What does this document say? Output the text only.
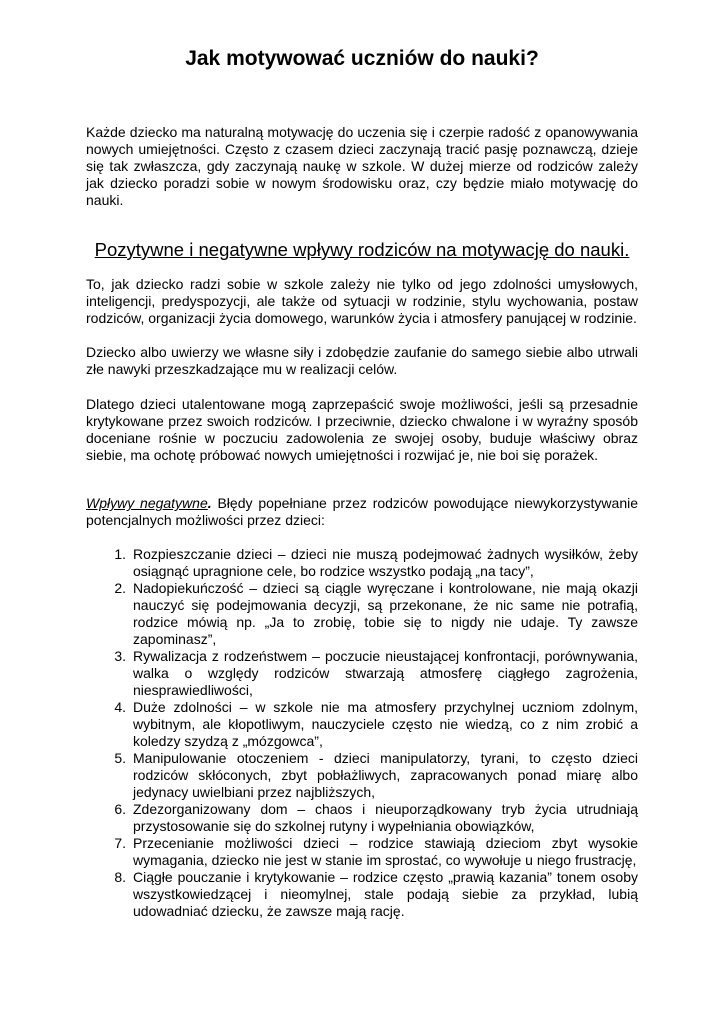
Jak motywować uczniów do nauki?

Każde dziecko ma naturalną motywację do uczenia się i czerpie radość z opanowywania nowych umiejętności. Często z czasem dzieci zaczynają tracić pasję poznawczą, dzieje się tak zwłaszcza, gdy zaczynają naukę w szkole. W dużej mierze od rodziców zależy jak dziecko poradzi sobie w nowym środowisku oraz, czy będzie miało motywację do nauki.

Pozytywne i negatywne wpływy rodziców na motywację do nauki.

To, jak dziecko radzi sobie w szkole zależy nie tylko od jego zdolności umysłowych, inteligencji, predyspozycji, ale także od sytuacji w rodzinie, stylu wychowania, postaw rodziców, organizacji życia domowego, warunków życia i atmosfery panującej w rodzinie.

Dziecko albo uwierzy we własne siły i zdobędzie zaufanie do samego siebie albo utrwali złe nawyki przeszkadzające mu w realizacji celów.

Dlatego dzieci utalentowane mogą zaprzepaścić swoje możliwości, jeśli są przesadnie krytykowane przez swoich rodziców. I przeciwnie, dziecko chwalone i w wyraźny sposób doceniane rośnie w poczuciu zadowolenia ze swojej osoby, buduje właściwy obraz siebie, ma ochotę próbować nowych umiejętności i rozwijać je, nie boi się porażek.

Wpływy negatywne. Błędy popełniane przez rodziców powodujące niewykorzystywanie potencjalnych możliwości przez dzieci:

1. Rozpieszczanie dzieci – dzieci nie muszą podejmować żadnych wysiłków, żeby osiągnąć upragnione cele, bo rodzice wszystko podają „na tacy”,
2. Nadopiekuńczość – dzieci są ciągle wyręczane i kontrolowane, nie mają okazji nauczyć się podejmowania decyzji, są przekonane, że nic same nie potrafią, rodzice mówią np. „Ja to zrobię, tobie się to nigdy nie udaje. Ty zawsze zapominasz”,
3. Rywalizacja z rodzeństwem – poczucie nieustającej konfrontacji, porównywania, walka o względy rodziców stwarzają atmosferę ciągłego zagrożenia, niesprawiedliwości,
4. Duże zdolności – w szkole nie ma atmosfery przychylnej uczniom zdolnym, wybitnym, ale kłopotliwym, nauczyciele często nie wiedzą, co z nim zrobić a koledzy szydzą z „mózgowca”,
5. Manipulowanie otoczeniem - dzieci manipulatorzy, tyrani, to często dzieci rodziców skłóconych, zbyt pobłażliwych, zapracowanych ponad miarę albo jedynacy uwielbiani przez najbliższych,
6. Zdezorganizowany dom – chaos i nieuporządkowany tryb życia utrudniają przystosowanie się do szkolnej rutyny i wypełniania obowiązków,
7. Przecenianie możliwości dzieci – rodzice stawiają dzieciom zbyt wysokie wymagania, dziecko nie jest w stanie im sprostać, co wywołuje u niego frustrację,
8. Ciągłe pouczanie i krytykowanie – rodzice często „prawią kazania” tonem osoby wszystkowiedzącej i nieomylnej, stale podają siebie za przykład, lubią udowadniać dziecku, że zawsze mają rację.
